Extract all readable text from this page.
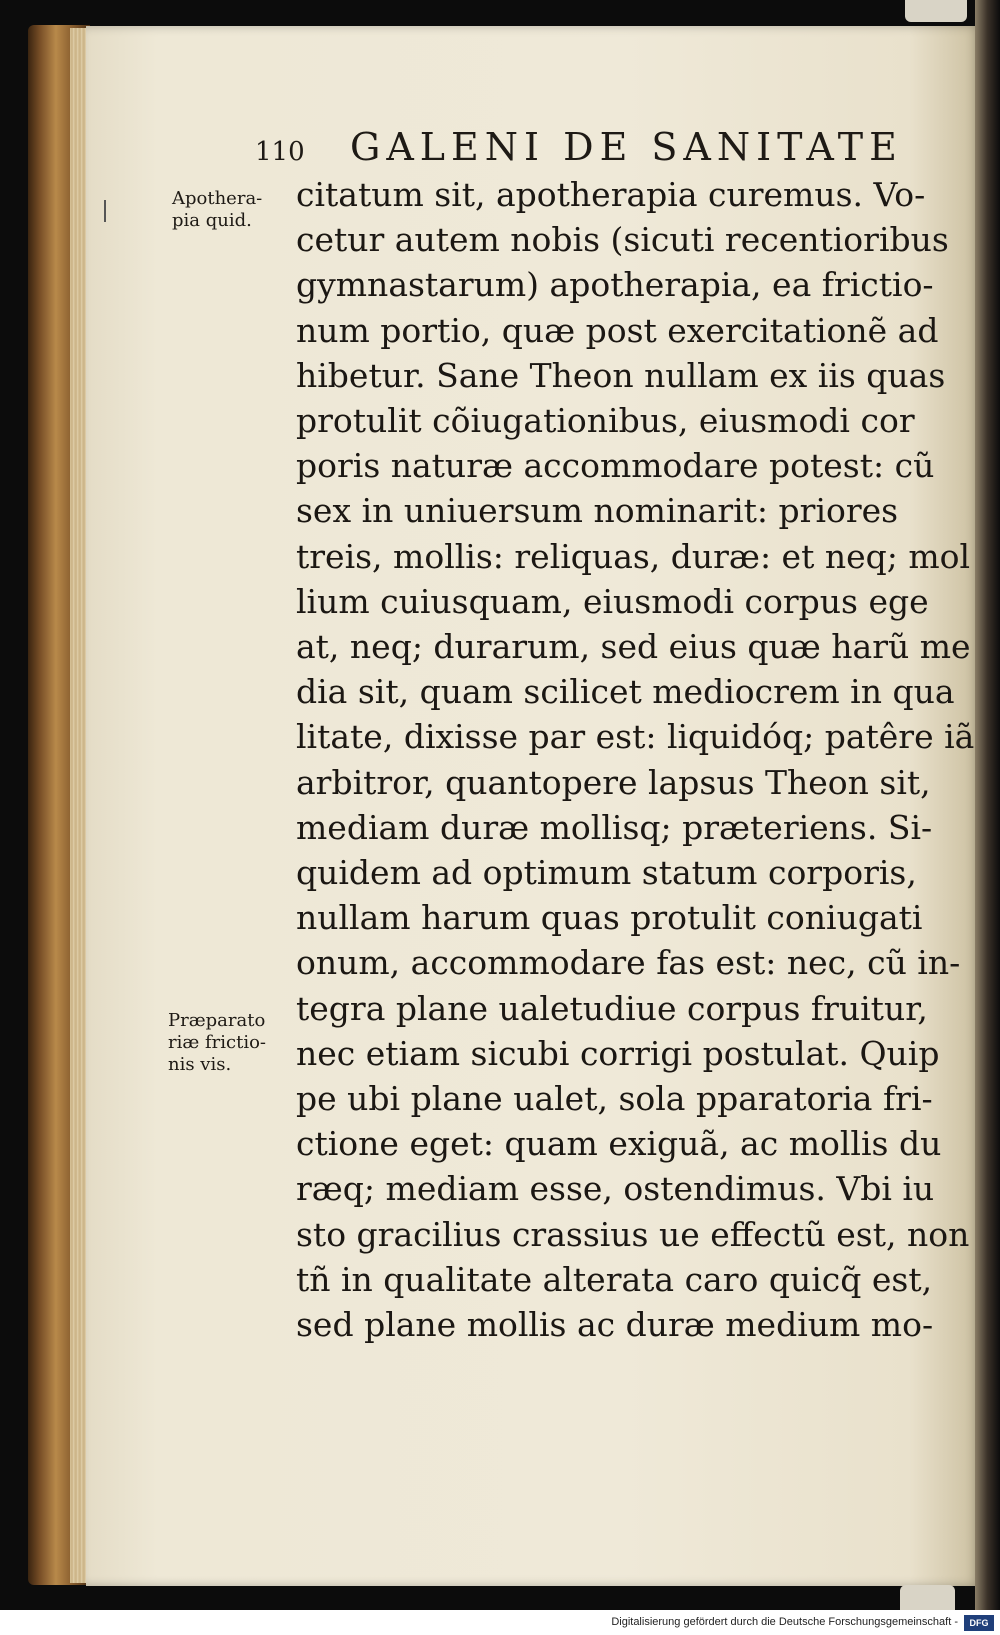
110 GALENI DE SANITATE
Apothera-
pia quid.
Præparato
riæ frictio-
nis vis.
citatum sit, apotherapia curemus. Vo-
cetur autem nobis (sicuti recentioribus
gymnastarum) apotherapia, ea frictio-
num portio, quæ post exercitationẽ ad
hibetur. Sane Theon nullam ex iis quas
protulit cõiugationibus, eiusmodi cor
poris naturæ accommodare potest: cũ
sex in uniuersum nominarit: priores
treis, mollis: reliquas, duræ: et neq; mol
lium cuiusquam, eiusmodi corpus ege
at, neq; durarum, sed eius quæ harũ me
dia sit, quam scilicet mediocrem in qua
litate, dixisse par est: liquidóq; patêre iã
arbitror, quantopere lapsus Theon sit,
mediam duræ mollisq; præteriens. Si-
quidem ad optimum statum corporis,
nullam harum quas protulit coniugati
onum, accommodare fas est: nec, cũ in-
tegra plane ualetudiue corpus fruitur,
nec etiam sicubi corrigi postulat. Quip
pe ubi plane ualet, sola pparatoria fri-
ctione eget: quam exiguã, ac mollis du
ræq; mediam esse, ostendimus. Vbi iu
sto gracilius crassius ue effectũ est, non
tñ in qualitate alterata caro quicq̃ est,
sed plane mollis ac duræ medium mo-
Digitalisierung gefördert durch die Deutsche Forschungsgemeinschaft -	DFG
